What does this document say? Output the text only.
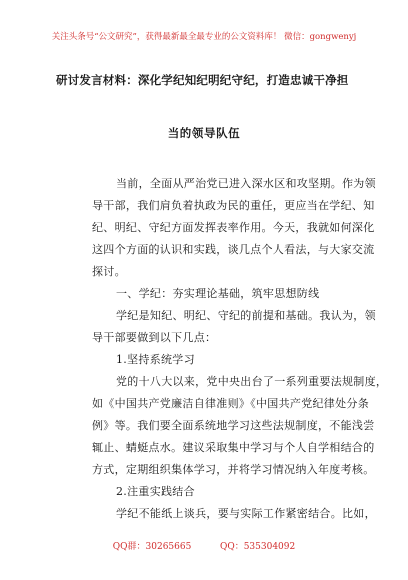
关注头条号“公文研究”，获得最新最全最专业的公文资料库！ 微信：gongwenyj
研讨发言材料：深化学纪知纪明纪守纪，打造忠诚干净担
当的领导队伍
当前，全面从严治党已进入深水区和攻坚期。作为领
导干部，我们肩负着执政为民的重任，更应当在学纪、知
纪、明纪、守纪方面发挥表率作用。今天，我就如何深化
这四个方面的认识和实践，谈几点个人看法，与大家交流
探讨。
一、学纪：夯实理论基础，筑牢思想防线
学纪是知纪、明纪、守纪的前提和基础。我认为，领
导干部要做到以下几点：
1.坚持系统学习
党的十八大以来，党中央出台了一系列重要法规制度，
如《中国共产党廉洁自律准则》《中国共产党纪律处分条
例》等。我们要全面系统地学习这些法规制度，不能浅尝
辄止、蜻蜓点水。建议采取集中学习与个人自学相结合的
方式，定期组织集体学习，并将学习情况纳入年度考核。
2.注重实践结合
学纪不能纸上谈兵，要与实际工作紧密结合。比如，
QQ群：30265665          QQ：535304092
